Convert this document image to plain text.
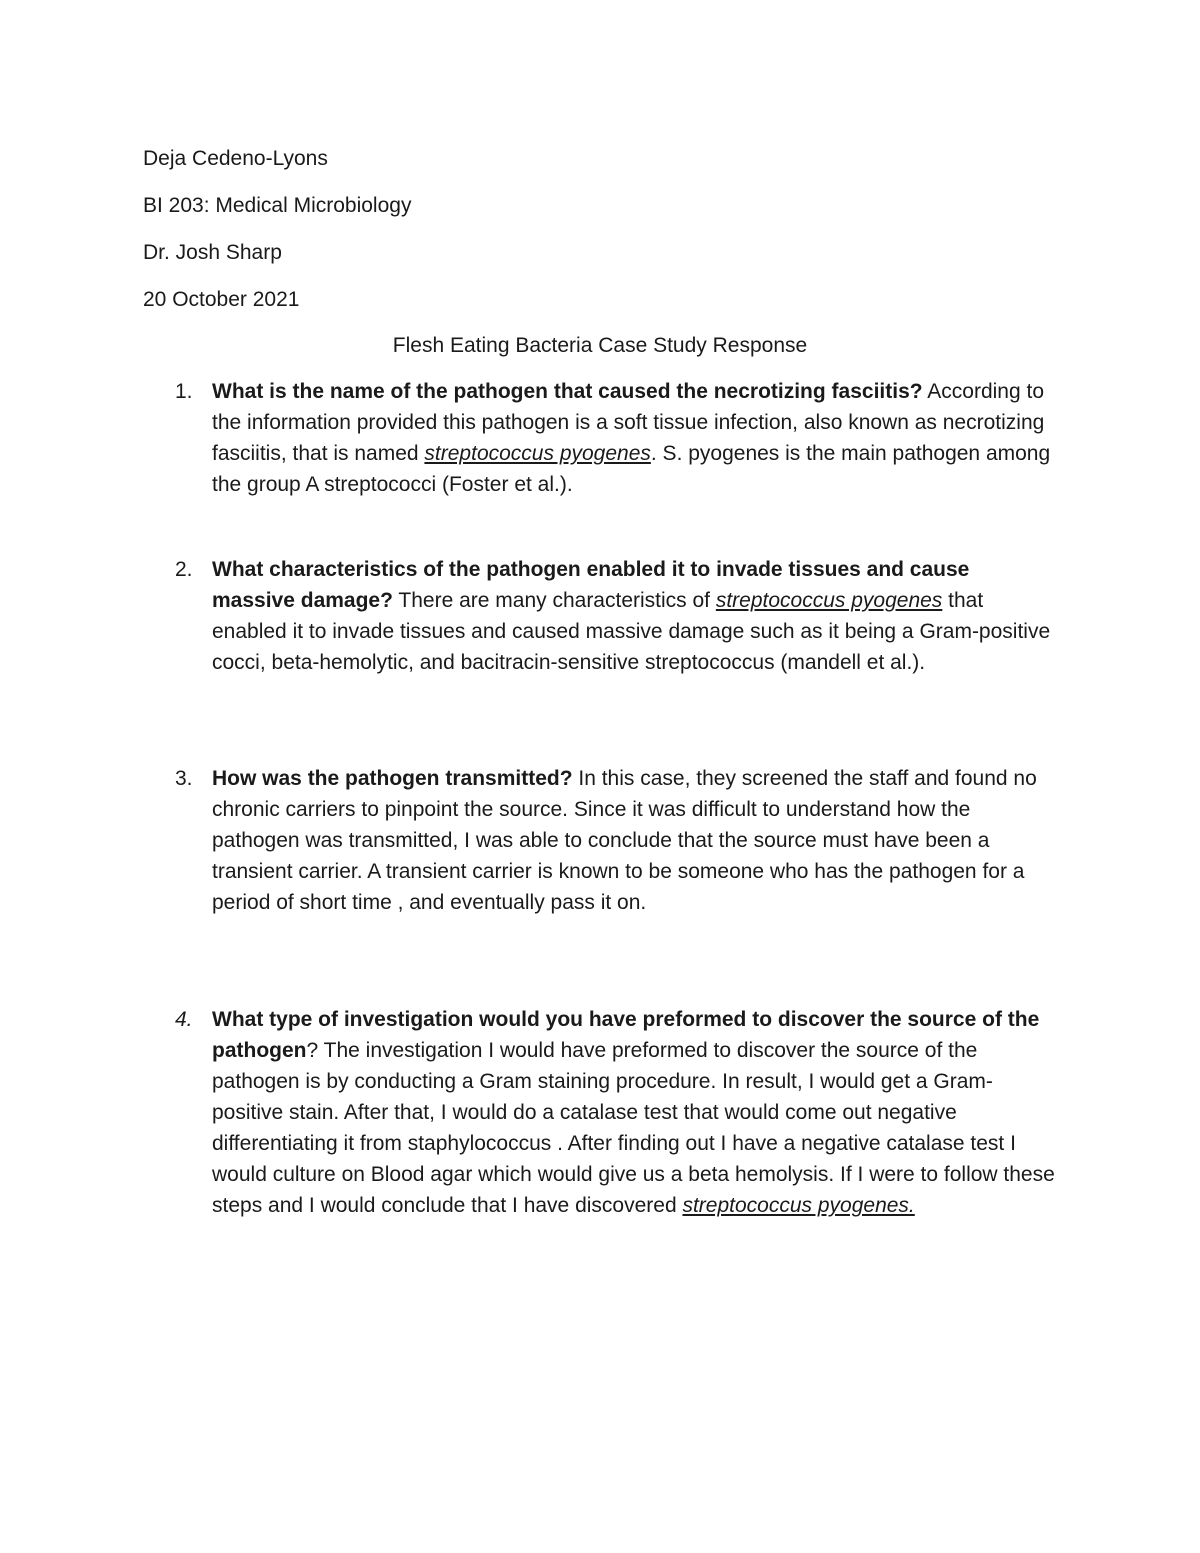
Deja Cedeno-Lyons
BI 203: Medical Microbiology
Dr. Josh Sharp
20 October 2021
Flesh Eating Bacteria Case Study Response
1. What is the name of the pathogen that caused the necrotizing fasciitis? According to the information provided this pathogen is a soft tissue infection, also known as necrotizing fasciitis, that is named streptococcus pyogenes. S. pyogenes is the main pathogen among the group A streptococci (Foster et al.).
2. What characteristics of the pathogen enabled it to invade tissues and cause massive damage? There are many characteristics of streptococcus pyogenes that enabled it to invade tissues and caused massive damage such as it being a Gram-positive cocci, beta-hemolytic, and bacitracin-sensitive streptococcus (mandell et al.).
3. How was the pathogen transmitted? In this case, they screened the staff and found no chronic carriers to pinpoint the source. Since it was difficult to understand how the pathogen was transmitted, I was able to conclude that the source must have been a transient carrier. A transient carrier is known to be someone who has the pathogen for a period of short time , and eventually pass it on.
4. What type of investigation would you have preformed to discover the source of the pathogen? The investigation I would have preformed to discover the source of the pathogen is by conducting a Gram staining procedure. In result, I would get a Gram-positive stain. After that, I would do a catalase test that would come out negative differentiating it from staphylococcus . After finding out I have a negative catalase test I would culture on Blood agar which would give us a beta hemolysis. If I were to follow these steps and I would conclude that I have discovered streptococcus pyogenes.
